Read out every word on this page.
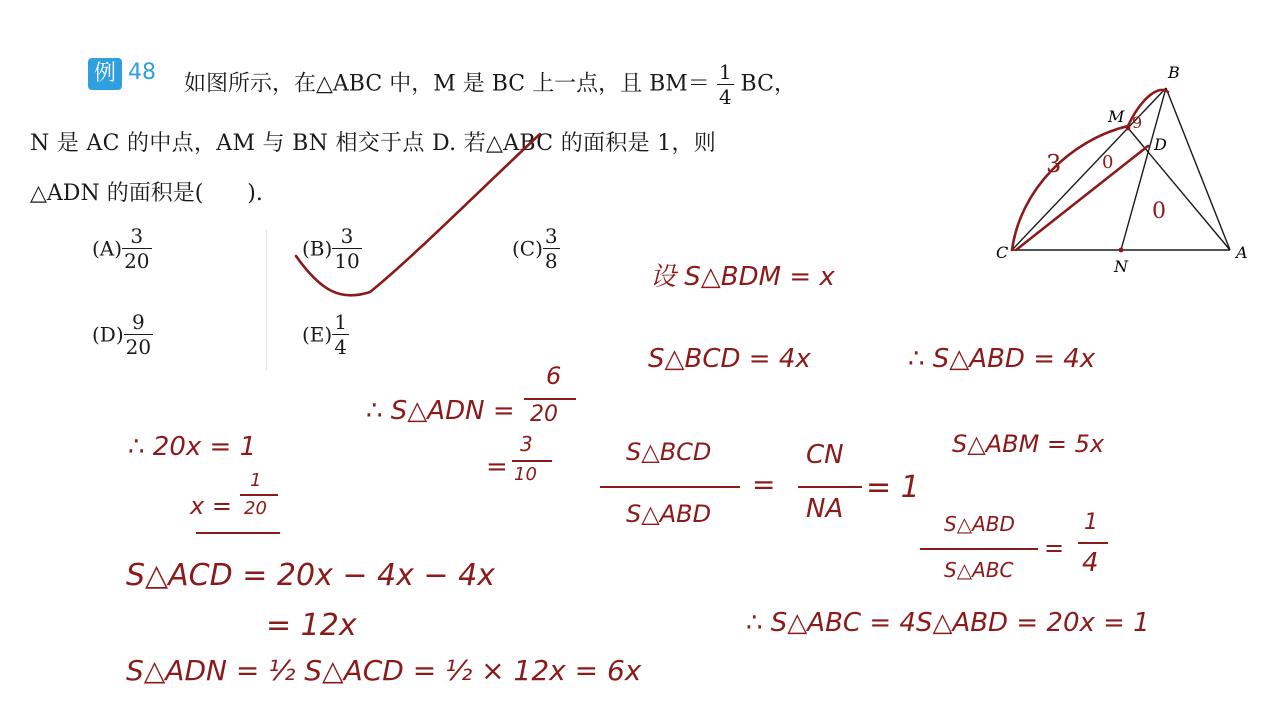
例 48 如图所示，在△ABC 中，M 是 BC 上一点，且 $BM= \frac{1}{4}$ BC，
N 是 AC 的中点，AM 与 BN 相交于点 D. 若△ABC 的面积是 1，则
△ADN 的面积是(　　).
$(A) \frac{3}{20}$	$(B) \frac{3}{10}$	$(C) \frac{3}{8}$
$(D) \frac{9}{20}$	$(E) \frac{1}{4}$
B
M
D
C
N
A
3
9
0
0
设 S△BDM = x
S△BCD = 4x	∴ S△ABD = 4x
S△BCD
S△ABD
=
CN
NA
= 1
S△ABM = 5x
S△ABD
S△ABC
=
1
4
∴ S△ABC = 4S△ABD = 20x = 1
∴ S△ADN =
6
20
=
3
10
∴ 20x = 1
x =
1
20
S△ACD = 20x − 4x − 4x
= 12x
S△ADN = ½ S△ACD = ½ × 12x = 6x
